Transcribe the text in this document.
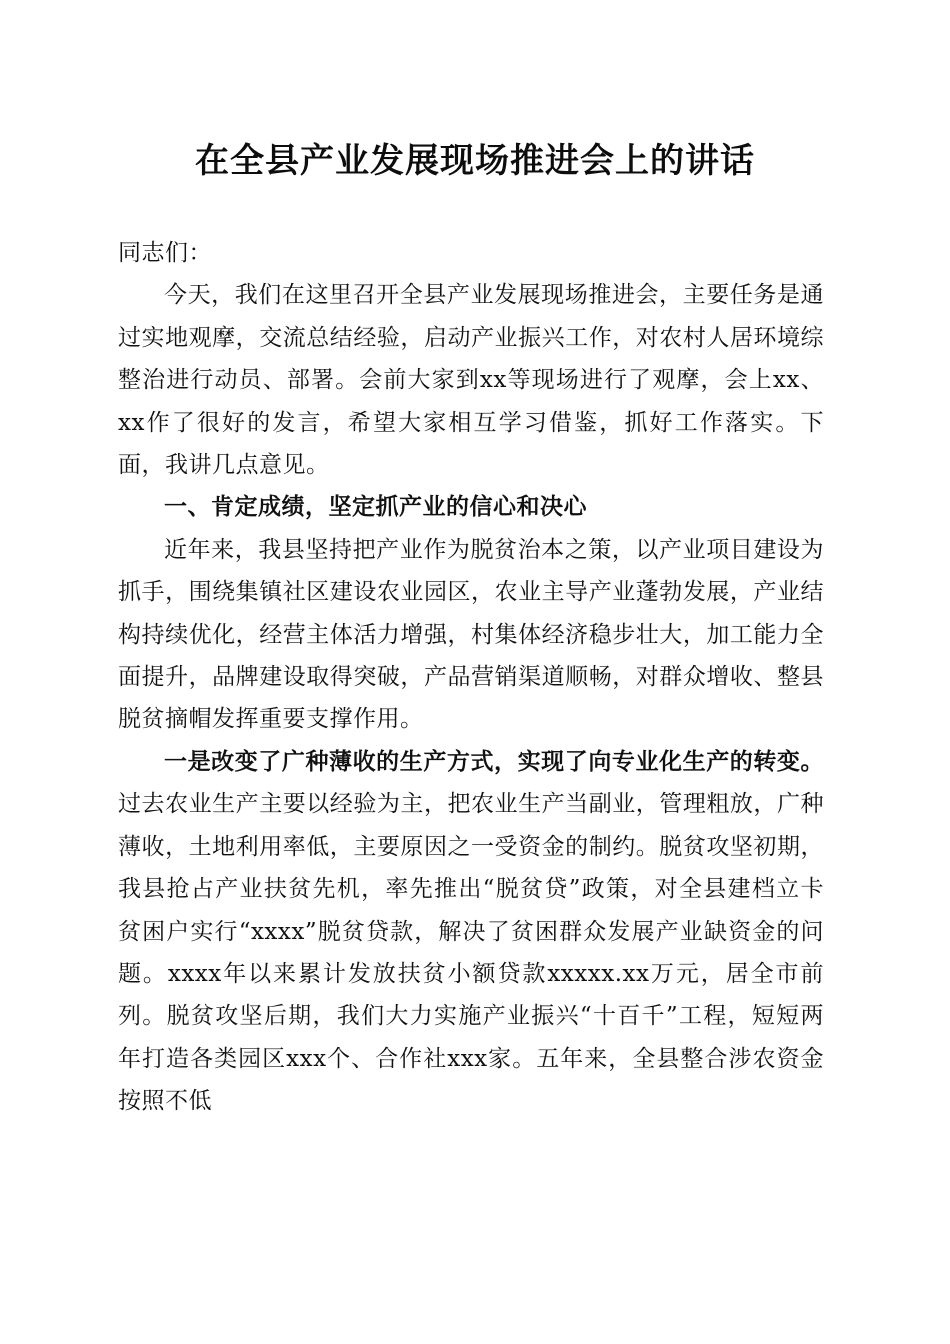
在全县产业发展现场推进会上的讲话

同志们：

今天，我们在这里召开全县产业发展现场推进会，主要任务是通过实地观摩，交流总结经验，启动产业振兴工作，对农村人居环境综整治进行动员、部署。会前大家到xx等现场进行了观摩，会上xx、xx作了很好的发言，希望大家相互学习借鉴，抓好工作落实。下面，我讲几点意见。

一、肯定成绩，坚定抓产业的信心和决心

近年来，我县坚持把产业作为脱贫治本之策，以产业项目建设为抓手，围绕集镇社区建设农业园区，农业主导产业蓬勃发展，产业结构持续优化，经营主体活力增强，村集体经济稳步壮大，加工能力全面提升，品牌建设取得突破，产品营销渠道顺畅，对群众增收、整县脱贫摘帽发挥重要支撑作用。

一是改变了广种薄收的生产方式，实现了向专业化生产的转变。过去农业生产主要以经验为主，把农业生产当副业，管理粗放，广种薄收，土地利用率低，主要原因之一受资金的制约。脱贫攻坚初期，我县抢占产业扶贫先机，率先推出“脱贫贷”政策，对全县建档立卡贫困户实行“xxxx”脱贫贷款，解决了贫困群众发展产业缺资金的问题。xxxx年以来累计发放扶贫小额贷款xxxxx.xx万元，居全市前列。脱贫攻坚后期，我们大力实施产业振兴“十百千”工程，短短两年打造各类园区xxx个、合作社xxx家。五年来，全县整合涉农资金按照不低
